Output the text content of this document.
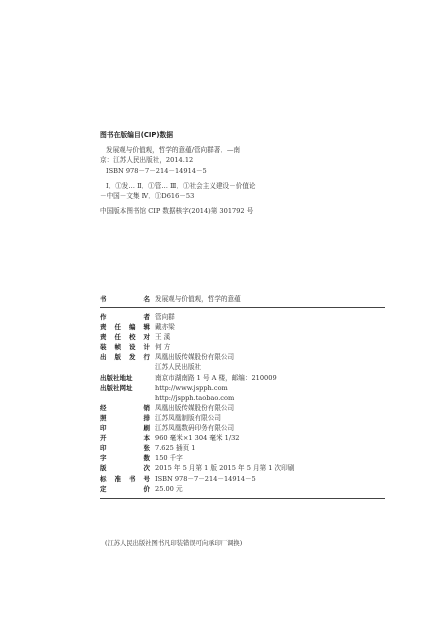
图书在版编目(CIP)数据
发展观与价值观，哲学的意蕴/管向群著．—南
京：江苏人民出版社，2014.12
ISBN 978－7－214－14914－5
Ⅰ．①发… Ⅱ．①管… Ⅲ．①社会主义建设－价值论
－中国－文集 Ⅳ．①D616－53
中国版本图书馆 CIP 数据核字(2014)第 301792 号
书	名 发展观与价值观，哲学的意蕴
作	者 管向群
责 任 编 辑 戴亦梁
责 任 校 对 王 溪
装 帧 设 计 何 方
出 版 发 行 凤凰出版传媒股份有限公司
江苏人民出版社
出版社地址	南京市湖南路 1 号 A 楼，邮编：210009
出版社网址	http://www.jspph.com
http://jspph.taobao.com
经	销 凤凰出版传媒股份有限公司
照	排 江苏凤凰制版有限公司
印	刷 江苏凤凰数码印务有限公司
开	本 960 毫米×1 304 毫米 1/32
印	张 7.625 插页 1
字	数 150 千字
版	次 2015 年 5 月第 1 版 2015 年 5 月第 1 次印刷
标 准 书 号 ISBN 978－7－214－14914－5
定	价 25.00 元
(江苏人民出版社图书凡印装错误可向承印厂调换)
